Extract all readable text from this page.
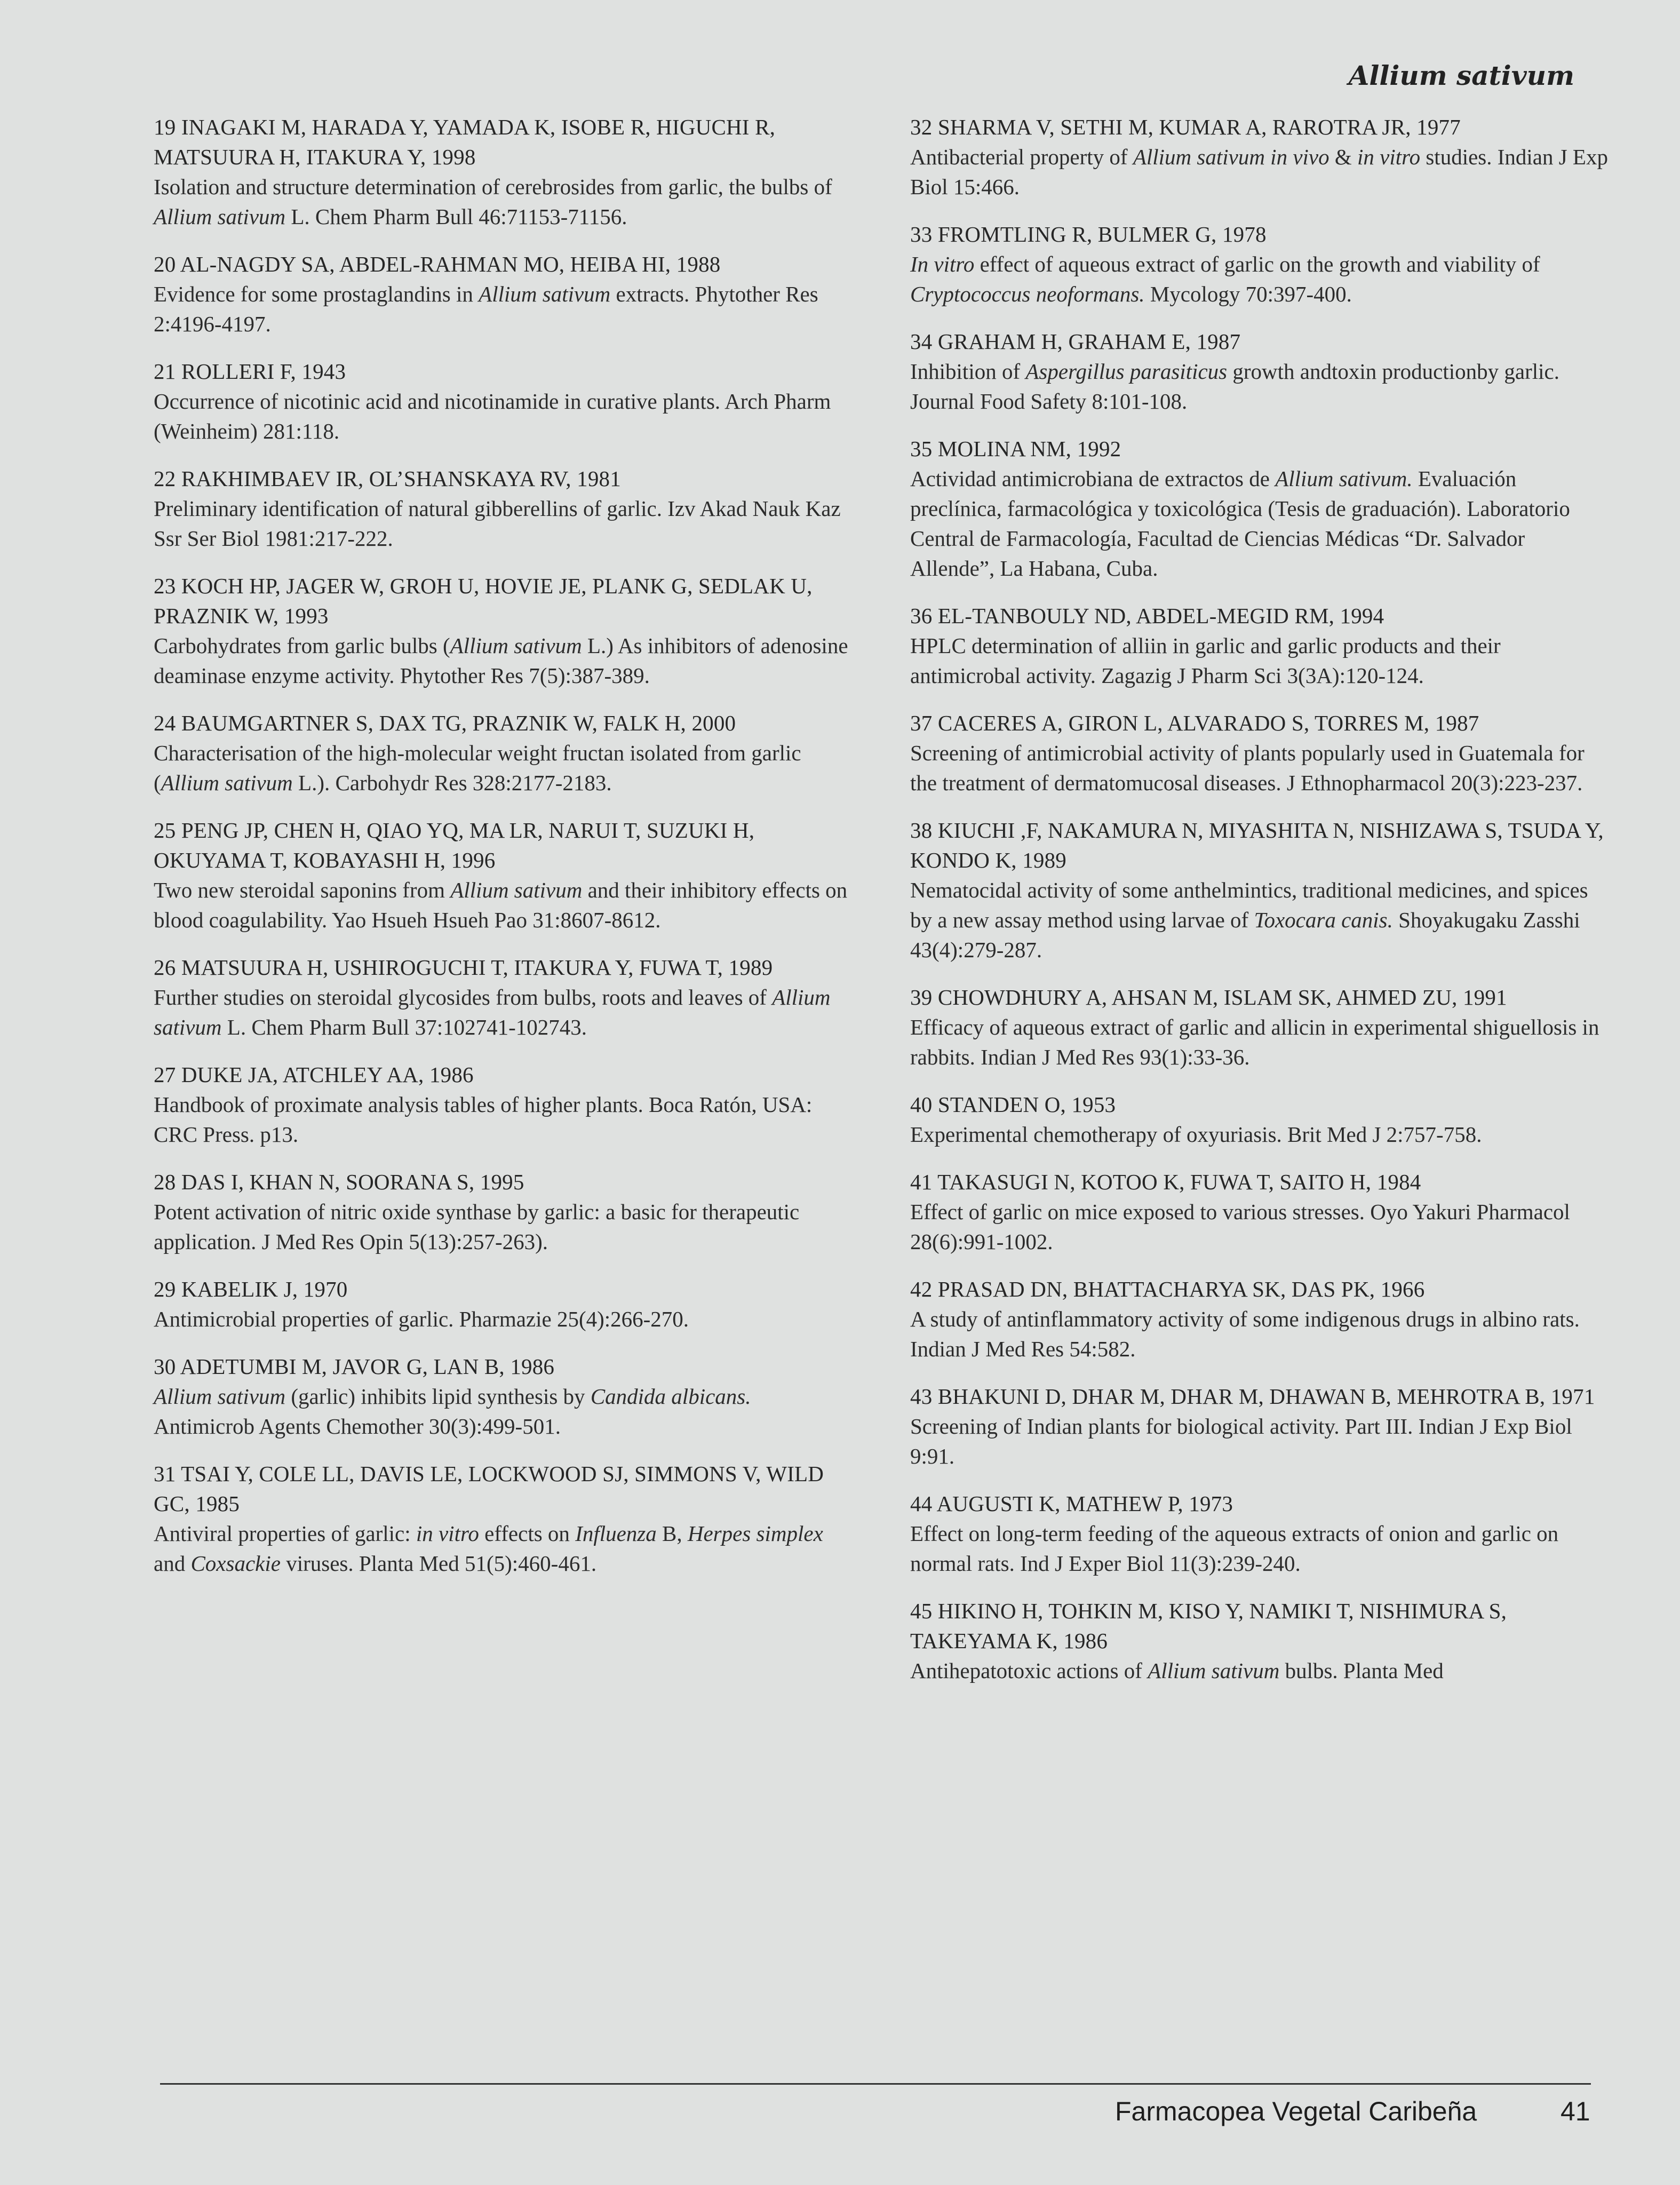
Allium sativum
19 INAGAKI M, HARADA Y, YAMADA K, ISOBE R, HIGUCHI R, MATSUURA H, ITAKURA Y, 1998
Isolation and structure determination of cerebrosides from garlic, the bulbs of Allium sativum L. Chem Pharm Bull 46:71153-71156.
20 AL-NAGDY SA, ABDEL-RAHMAN MO, HEIBA HI, 1988
Evidence for some prostaglandins in Allium sativum extracts. Phytother Res 2:4196-4197.
21 ROLLERI F, 1943
Occurrence of nicotinic acid and nicotinamide in curative plants. Arch Pharm (Weinheim) 281:118.
22 RAKHIMBAEV IR, OL’SHANSKAYA RV, 1981
Preliminary identification of natural gibberellins of garlic. Izv Akad Nauk Kaz Ssr Ser Biol 1981:217-222.
23 KOCH HP, JAGER W, GROH U, HOVIE JE, PLANK G, SEDLAK U, PRAZNIK W, 1993
Carbohydrates from garlic bulbs (Allium sativum L.) As inhibitors of adenosine deaminase enzyme activity. Phytother Res 7(5):387-389.
24 BAUMGARTNER S, DAX TG, PRAZNIK W, FALK H, 2000
Characterisation of the high-molecular weight fructan isolated from garlic (Allium sativum L.). Carbohydr Res 328:2177-2183.
25 PENG JP, CHEN H, QIAO YQ, MA LR, NARUI T, SUZUKI H, OKUYAMA T, KOBAYASHI H, 1996
Two new steroidal saponins from Allium sativum and their inhibitory effects on blood coagulability. Yao Hsueh Hsueh Pao 31:8607-8612.
26 MATSUURA H, USHIROGUCHI T, ITAKURA Y, FUWA T, 1989
Further studies on steroidal glycosides from bulbs, roots and leaves of Allium sativum L. Chem Pharm Bull 37:102741-102743.
27 DUKE JA, ATCHLEY AA, 1986
Handbook of proximate analysis tables of higher plants. Boca Ratón, USA: CRC Press. p13.
28 DAS I, KHAN N, SOORANA S, 1995
Potent activation of nitric oxide synthase by garlic: a basic for therapeutic application. J Med Res Opin 5(13):257-263).
29 KABELIK J, 1970
Antimicrobial properties of garlic. Pharmazie 25(4):266-270.
30 ADETUMBI M, JAVOR G, LAN B, 1986
Allium sativum (garlic) inhibits lipid synthesis by Candida albicans. Antimicrob Agents Chemother 30(3):499-501.
31 TSAI Y, COLE LL, DAVIS LE, LOCKWOOD SJ, SIMMONS V, WILD GC, 1985
Antiviral properties of garlic: in vitro effects on Influenza B, Herpes simplex and Coxsackie viruses. Planta Med 51(5):460-461.
32 SHARMA V, SETHI M, KUMAR A, RAROTRA JR, 1977
Antibacterial property of Allium sativum in vivo & in vitro studies. Indian J Exp Biol 15:466.
33 FROMTLING R, BULMER G, 1978
In vitro effect of aqueous extract of garlic on the growth and viability of Cryptococcus neoformans. Mycology 70:397-400.
34 GRAHAM H, GRAHAM E, 1987
Inhibition of Aspergillus parasiticus growth andtoxin productionby garlic. Journal Food Safety 8:101-108.
35 MOLINA NM, 1992
Actividad antimicrobiana de extractos de Allium sativum. Evaluación preclínica, farmacológica y toxicológica (Tesis de graduación). Laboratorio Central de Farmacología, Facultad de Ciencias Médicas “Dr. Salvador Allende”, La Habana, Cuba.
36 EL-TANBOULY ND, ABDEL-MEGID RM, 1994
HPLC determination of alliin in garlic and garlic products and their antimicrobal activity. Zagazig J Pharm Sci 3(3A):120-124.
37 CACERES A, GIRON L, ALVARADO S, TORRES M, 1987
Screening of antimicrobial activity of plants popularly used in Guatemala for the treatment of dermatomucosal diseases. J Ethnopharmacol 20(3):223-237.
38 KIUCHI ,F, NAKAMURA N, MIYASHITA N, NISHIZAWA S, TSUDA Y, KONDO K, 1989
Nematocidal activity of some anthelmintics, traditional medicines, and spices by a new assay method using larvae of Toxocara canis. Shoyakugaku Zasshi 43(4):279-287.
39 CHOWDHURY A, AHSAN M, ISLAM SK, AHMED ZU, 1991
Efficacy of aqueous extract of garlic and allicin in experimental shiguellosis in rabbits. Indian J Med Res 93(1):33-36.
40 STANDEN O, 1953
Experimental chemotherapy of oxyuriasis. Brit Med J 2:757-758.
41 TAKASUGI N, KOTOO K, FUWA T, SAITO H, 1984
Effect of garlic on mice exposed to various stresses. Oyo Yakuri Pharmacol 28(6):991-1002.
42 PRASAD DN, BHATTACHARYA SK, DAS PK, 1966
A study of antinflammatory activity of some indigenous drugs in albino rats. Indian J Med Res 54:582.
43 BHAKUNI D, DHAR M, DHAR M, DHAWAN B, MEHROTRA B, 1971
Screening of Indian plants for biological activity. Part III. Indian J Exp Biol 9:91.
44 AUGUSTI K, MATHEW P, 1973
Effect on long-term feeding of the aqueous extracts of onion and garlic on normal rats. Ind J Exper Biol 11(3):239-240.
45 HIKINO H, TOHKIN M, KISO Y, NAMIKI T, NISHIMURA S, TAKEYAMA K, 1986
Antihepatotoxic actions of Allium sativum bulbs. Planta Med
Farmacopea Vegetal Caribeña	41
